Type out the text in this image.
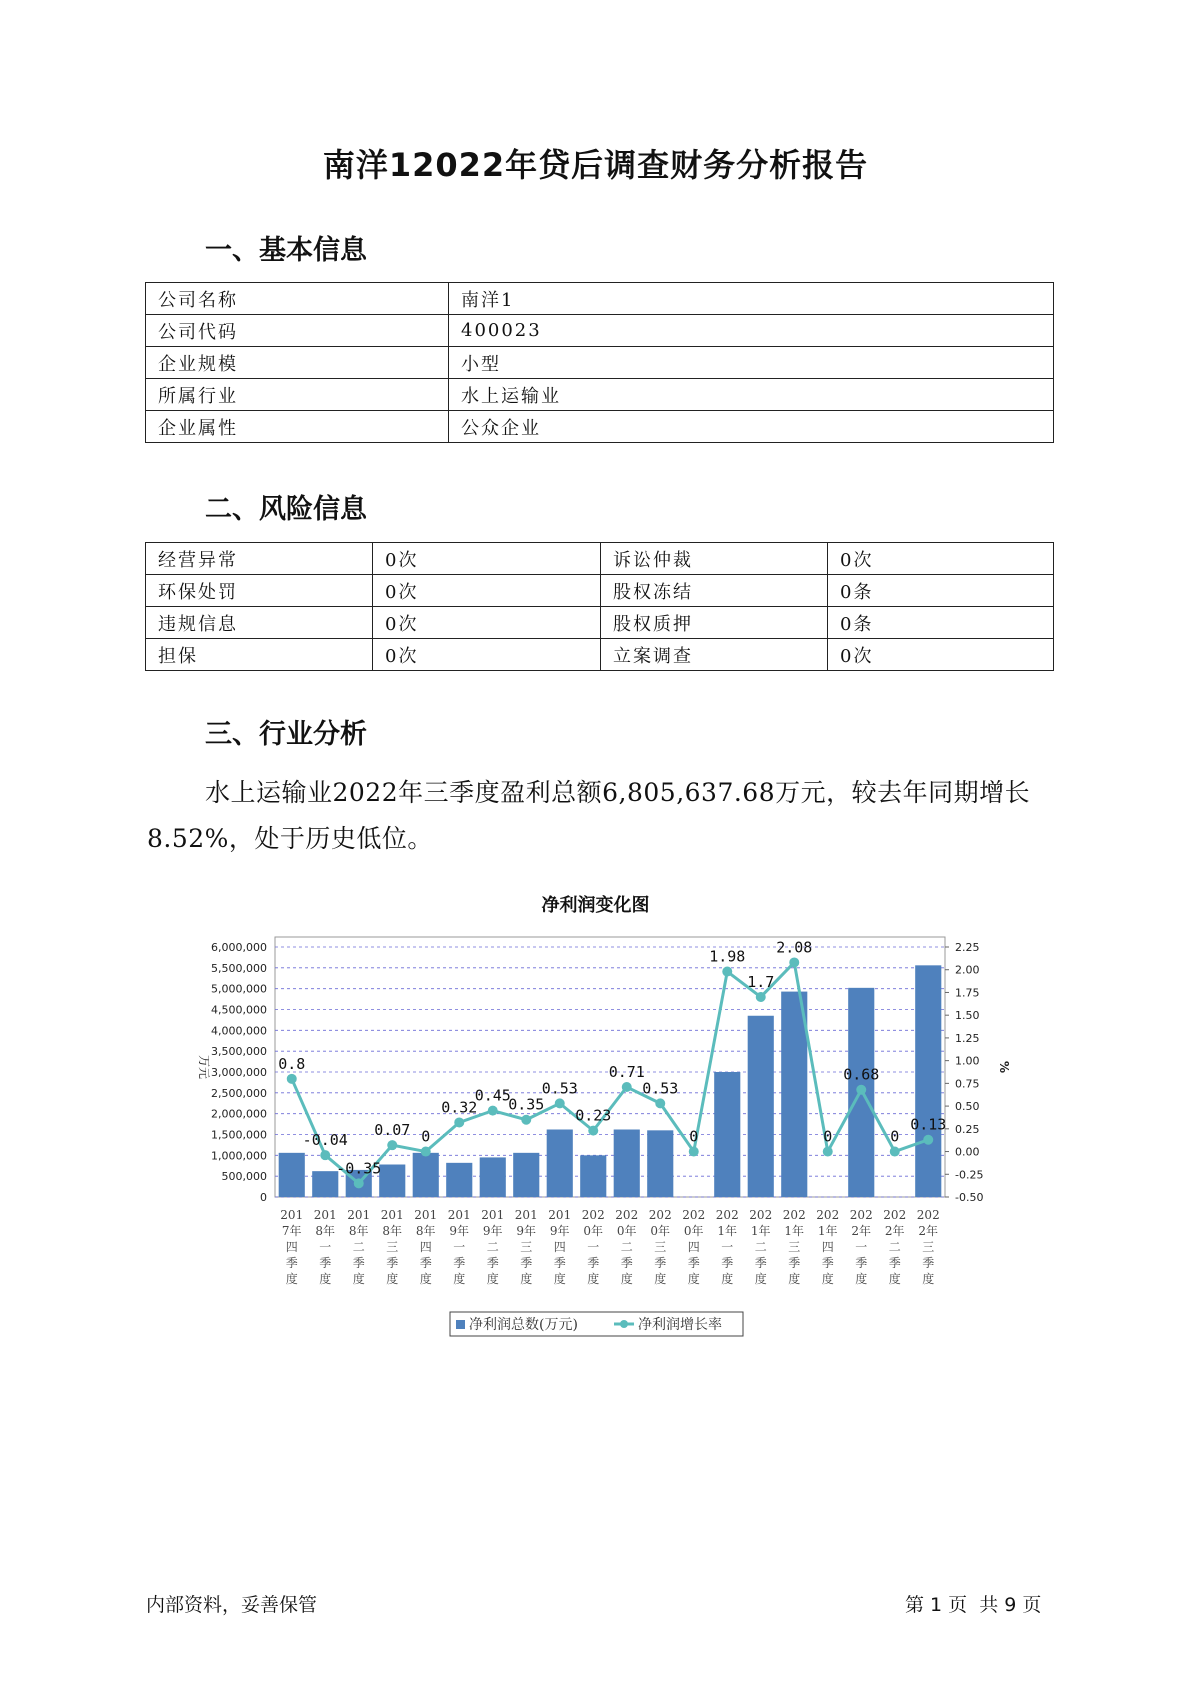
南洋12022年贷后调查财务分析报告
一、基本信息
公司名称	南洋1
公司代码	400023
企业规模	小型
所属行业	水上运输业
企业属性	公众企业
二、风险信息
经营异常	0次	诉讼仲裁	0次
环保处罚	0次	股权冻结	0条
违规信息	0次	股权质押	0条
担保	0次	立案调查	0次
三、行业分析
水上运输业2022年三季度盈利总额6,805,637.68万元，较去年同期增长8.52%，处于历史低位。
净利润变化图
6,000,000
5,500,000
5,000,000
4,500,000
4,000,000
3,500,000
3,000,000
2,500,000
2,000,000
1,500,000
1,000,000
500,000
0
2.25
2.00
1.75
1.50
1.25
1.00
0.75
0.50
0.25
0.00
-0.25
-0.50
万元	%
0.8
-0.04
-0.35
0.07 0
0.32
0.45
0.35
0.53
0.23
0.71
0.53
0
1.98
1.7
2.08
0
0.68
0
0.13
201 7年四季度
201 8年一季度
201 8年二季度
201 8年三季度
201 8年四季度
201 9年一季度
201 9年二季度
201 9年三季度
201 9年四季度
202 0年一季度
202 0年二季度
202 0年三季度
202 0年四季度
202 1年一季度
202 1年二季度
202 1年三季度
202 1年四季度
202 2年一季度
202 2年二季度
202 2年三季度
净利润总数(万元)	净利润增长率
内部资料，妥善保管	第 1 页  共 9 页
